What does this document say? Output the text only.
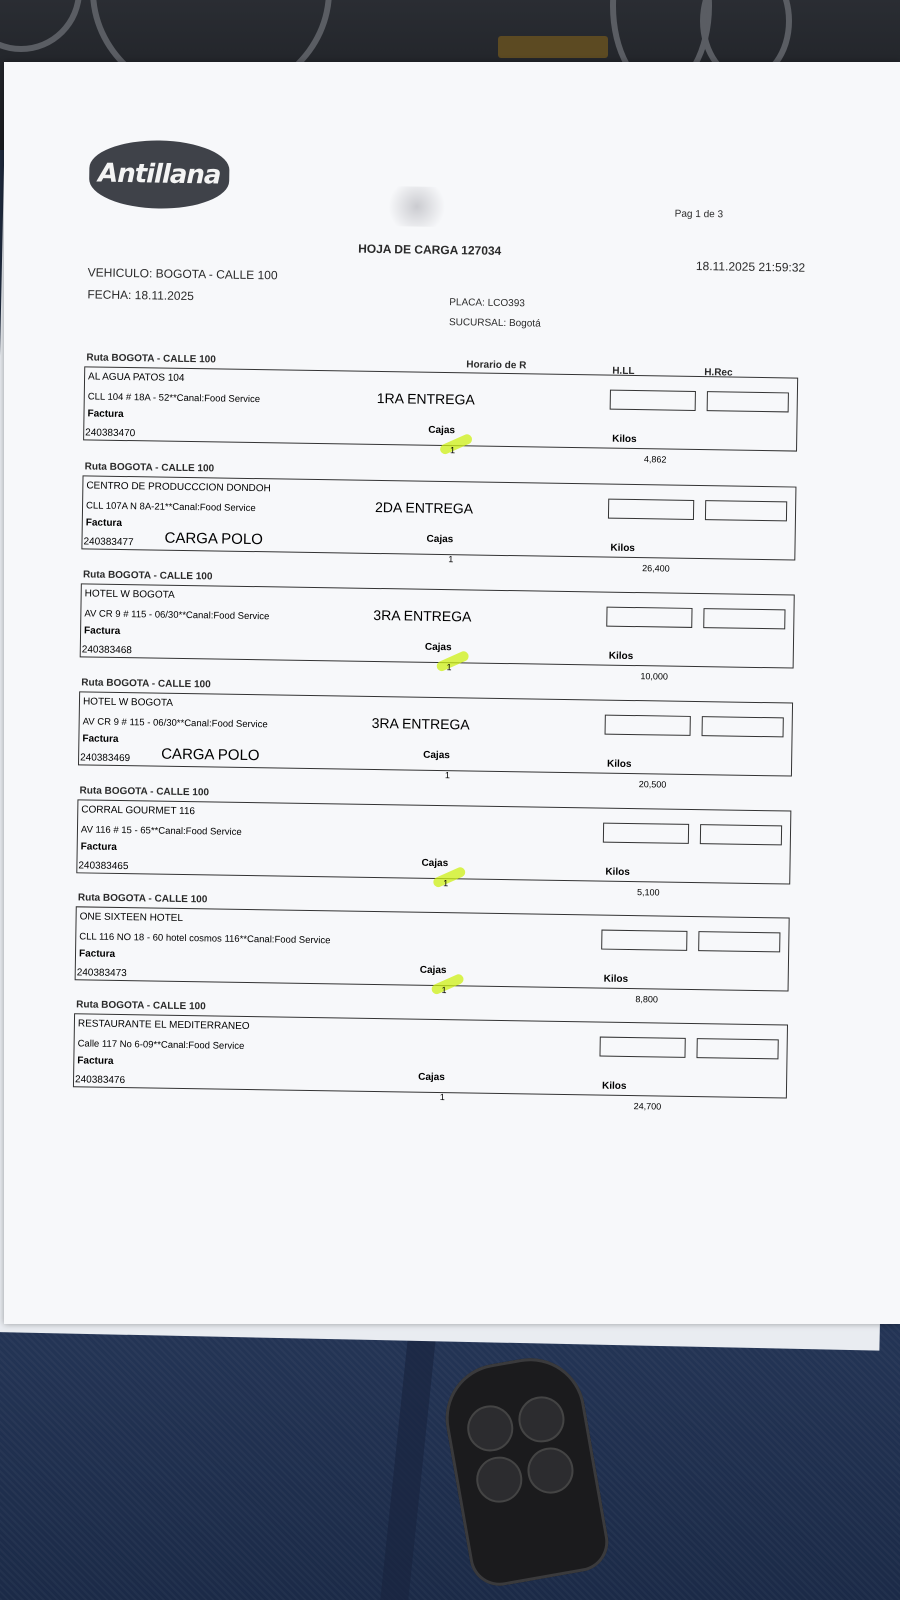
Antillana
Pag 1 de 3
HOJA DE CARGA 127034
18.11.2025 21:59:32
VEHICULO: BOGOTA - CALLE 100
FECHA: 18.11.2025
PLACA: LCO393
SUCURSAL: Bogotá
Horario de R
H.LL	H.Rec
Ruta BOGOTA - CALLE 100
AL AGUA PATOS 104
CLL 104 # 18A - 52**Canal:Food Service
Factura
240383470
1RA ENTREGA
Cajas
1
Kilos
4,862
Ruta BOGOTA - CALLE 100
CENTRO DE PRODUCCCION DONDOH
CLL 107A N 8A-21**Canal:Food Service
Factura
240383477
2DA ENTREGA
CARGA POLO	Cajas
1
Kilos
26,400
Ruta BOGOTA - CALLE 100
HOTEL W BOGOTA
AV CR 9 # 115 - 06/30**Canal:Food Service
Factura
240383468
3RA ENTREGA
Cajas
1
Kilos
10,000
Ruta BOGOTA - CALLE 100
HOTEL W BOGOTA
AV CR 9 # 115 - 06/30**Canal:Food Service
Factura
240383469
3RA ENTREGA
CARGA POLO	Cajas
1
Kilos
20,500
Ruta BOGOTA - CALLE 100
CORRAL GOURMET 116
AV 116 # 15 - 65**Canal:Food Service
Factura
240383465	Cajas
1
Kilos
5,100
Ruta BOGOTA - CALLE 100
ONE SIXTEEN HOTEL
CLL 116 NO 18 - 60 hotel cosmos 116**Canal:Food Service
Factura
240383473	Cajas
1
Kilos
8,800
Ruta BOGOTA - CALLE 100
RESTAURANTE EL MEDITERRANEO
Calle 117 No 6-09**Canal:Food Service
Factura
240383476	Cajas
1
Kilos
24,700
